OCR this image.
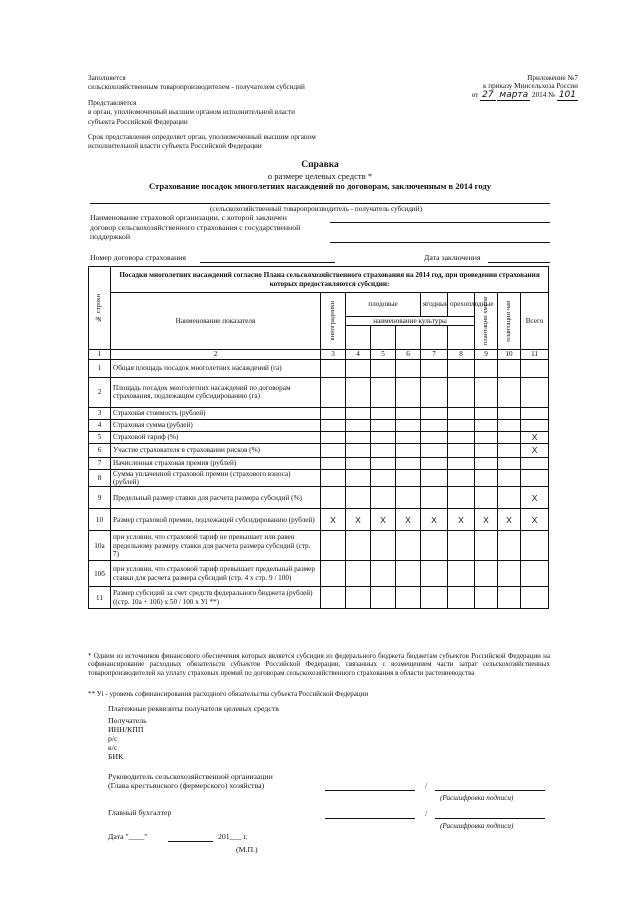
Заполняется
сельскохозяйственным товаропроизводителем - получателем субсидий
Представляется
в орган, уполномоченный высшим органом исполнительной власти
субъекта Российской Федерации
Срок представления определяет орган, уполномоченный высшим органом
исполнительной власти субъекта Российской Федерации
Приложение №7
к приказу Минсельхоза России
от 27 марта 2014 № 101
Справка
о размере целевых средств *
Страхование посадок многолетних насаждений по договорам, заключенным в 2014 году
(сельскохозяйственный товаропроизводитель - получатель субсидий)
Наименование страховой организации, с которой заключен
договор сельскохозяйственного страхования с государственной
поддержкой
Номер договора страхования	Дата заключения
№ строки	Посадки многолетних насаждений согласно Плана сельскохозяйственного страхования на 2014 год, при проведении страхования которых предоставляются субсидии:									
	Наименование показателя	виноградники	плодовые			ягодные	орехоплодные	плантации хмеля	плантации чая	Всего
			наименование культуры							

1	2	3	4	5	6	7	8	9	10	11
1	Общая площадь посадок многолетних насаждений (га)									
2	Площадь посадок многолетних насаждений по договорам страхования, подлежащим субсидированию (га)									
3	Страховая стоимость (рублей)									
4	Страховая сумма (рублей)									
5	Страховой тариф (%)									X
6	Участие страхователя в страховании рисков (%)									X
7	Начисленная страховая премия (рублей)									
8	Сумма уплаченной страховой премии (страхового взноса) (рублей)									
9	Предельный размер ставки для расчета размера субсидий (%)									X
10	Размер страховой премии, подлежащей субсидированию (рублей)	X	X	X	X	X	X	X	X	X
10а	при условии, что страховой тариф не превышает или равен предельному размеру ставки для расчета размера субсидий (стр. 7)									
10б	при условии, что страховой тариф превышает предельный размер ставки для расчета размера субсидий (стр. 4 х стр. 9 / 100)									
11	Размер субсидий за счет средств федерального бюджета (рублей) ((стр. 10а + 10б) х 50 / 100 х Уi **)									
* Одним из источников финансового обеспечения которых является субсидия из федерального бюджета бюджетам субъектов Российской Федерации на софинансирование расходных обязательств субъектов Российской Федерации, связанных с возмещением части затрат сельскохозяйственных товаропроизводителей на уплату страховых премий по договорам сельскохозяйственного страхования в области растениеводства
** Уi - уровень софинансирования расходного обязательства субъекта Российской Федерации
Платежные реквизиты получателя целевых средств
Получатель
ИНН/КПП
р/с
к/с
БИК
Руководитель сельскохозяйственной организации
(Глава крестьянского (фермерского) хозяйства)	/
(Расшифровка подписи)
Главный бухгалтер	/
(Расшифровка подписи)
Дата "____"	201___ г.
(М.П.)
